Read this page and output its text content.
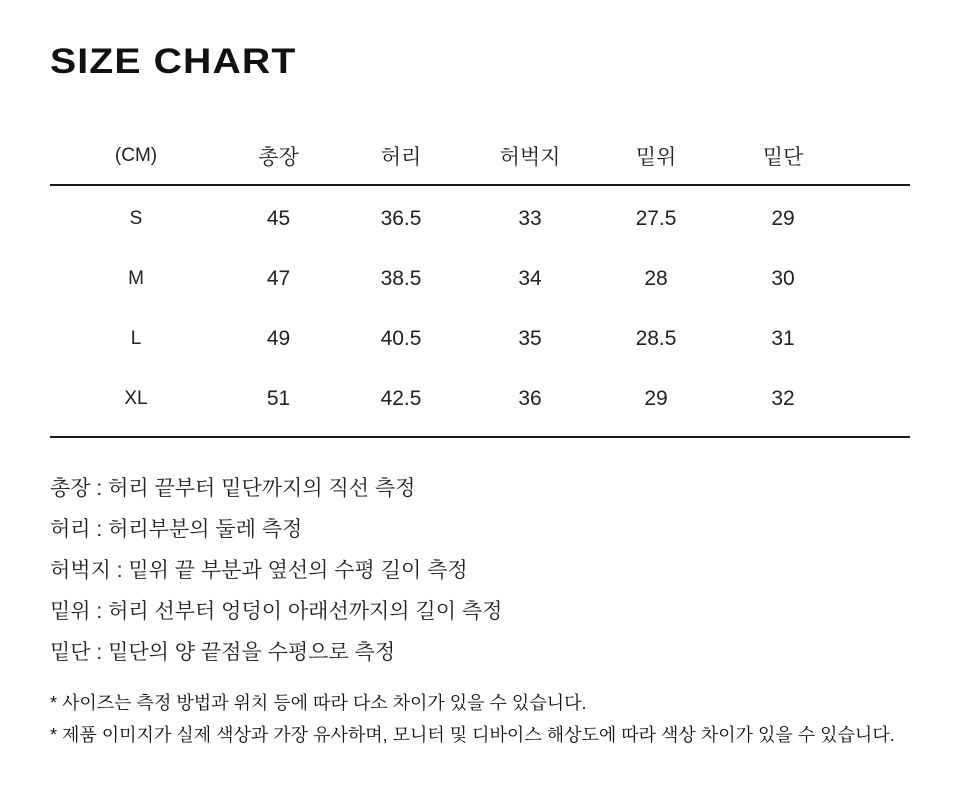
SIZE CHART
(CM)	총장	허리	허벅지	밑위	밑단
S	45	36.5	33	27.5	29
M	47	38.5	34	28	30
L	49	40.5	35	28.5	31
XL	51	42.5	36	29	32
총장 : 허리 끝부터 밑단까지의 직선 측정
허리 : 허리부분의 둘레 측정
허벅지 : 밑위 끝 부분과 옆선의 수평 길이 측정
밑위 : 허리 선부터 엉덩이 아래선까지의 길이 측정
밑단 : 밑단의 양 끝점을 수평으로 측정
* 사이즈는 측정 방법과 위치 등에 따라 다소 차이가 있을 수 있습니다.
* 제품 이미지가 실제 색상과 가장 유사하며, 모니터 및 디바이스 해상도에 따라 색상 차이가 있을 수 있습니다.
